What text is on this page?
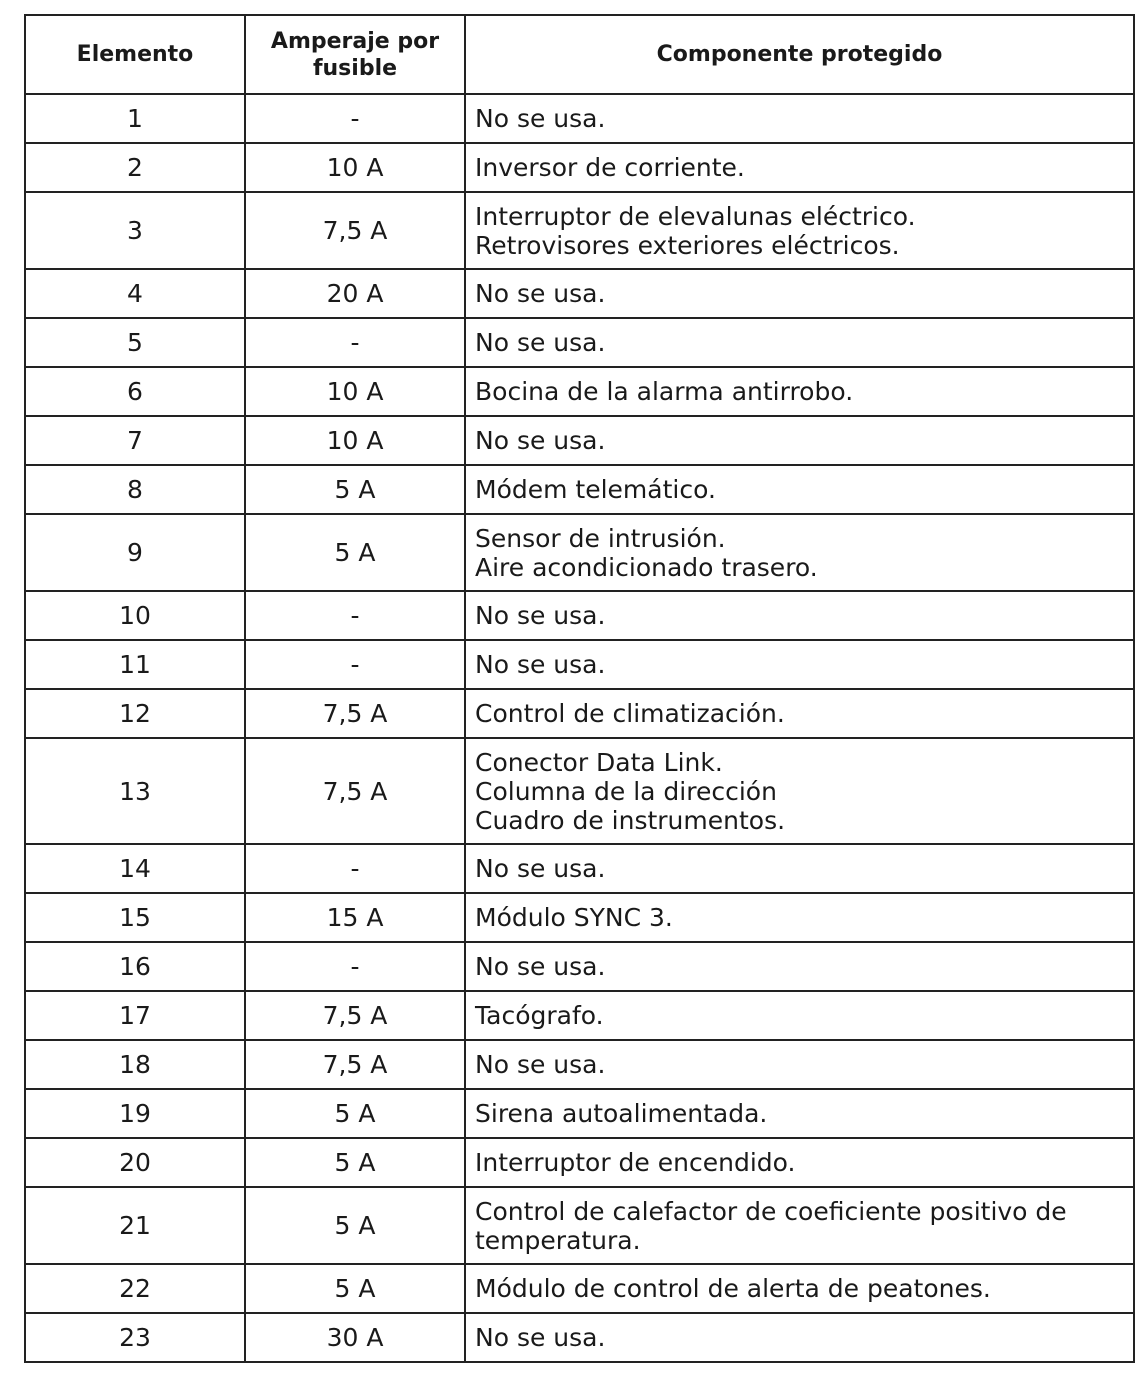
Elemento	Amperaje por fusible	Componente protegido
1	-	No se usa.

2	10 A	Inversor de corriente.

3	7,5 A	Interruptor de elevalunas eléctrico.
Retrovisores exteriores eléctricos.

4	20 A	No se usa.

5	-	No se usa.

6	10 A	Bocina de la alarma antirrobo.

7	10 A	No se usa.

8	5 A	Módem telemático.

9	5 A	Sensor de intrusión.
Aire acondicionado trasero.

10	-	No se usa.

11	-	No se usa.

12	7,5 A	Control de climatización.

13	7,5 A	Conector Data Link.
Columna de la dirección
Cuadro de instrumentos.

14	-	No se usa.

15	15 A	Módulo SYNC 3.

16	-	No se usa.

17	7,5 A	Tacógrafo.

18	7,5 A	No se usa.

19	5 A	Sirena autoalimentada.

20	5 A	Interruptor de encendido.

21	5 A	Control de calefactor de coeficiente positivo de temperatura.

22	5 A	Módulo de control de alerta de peatones.

23	30 A	No se usa.
